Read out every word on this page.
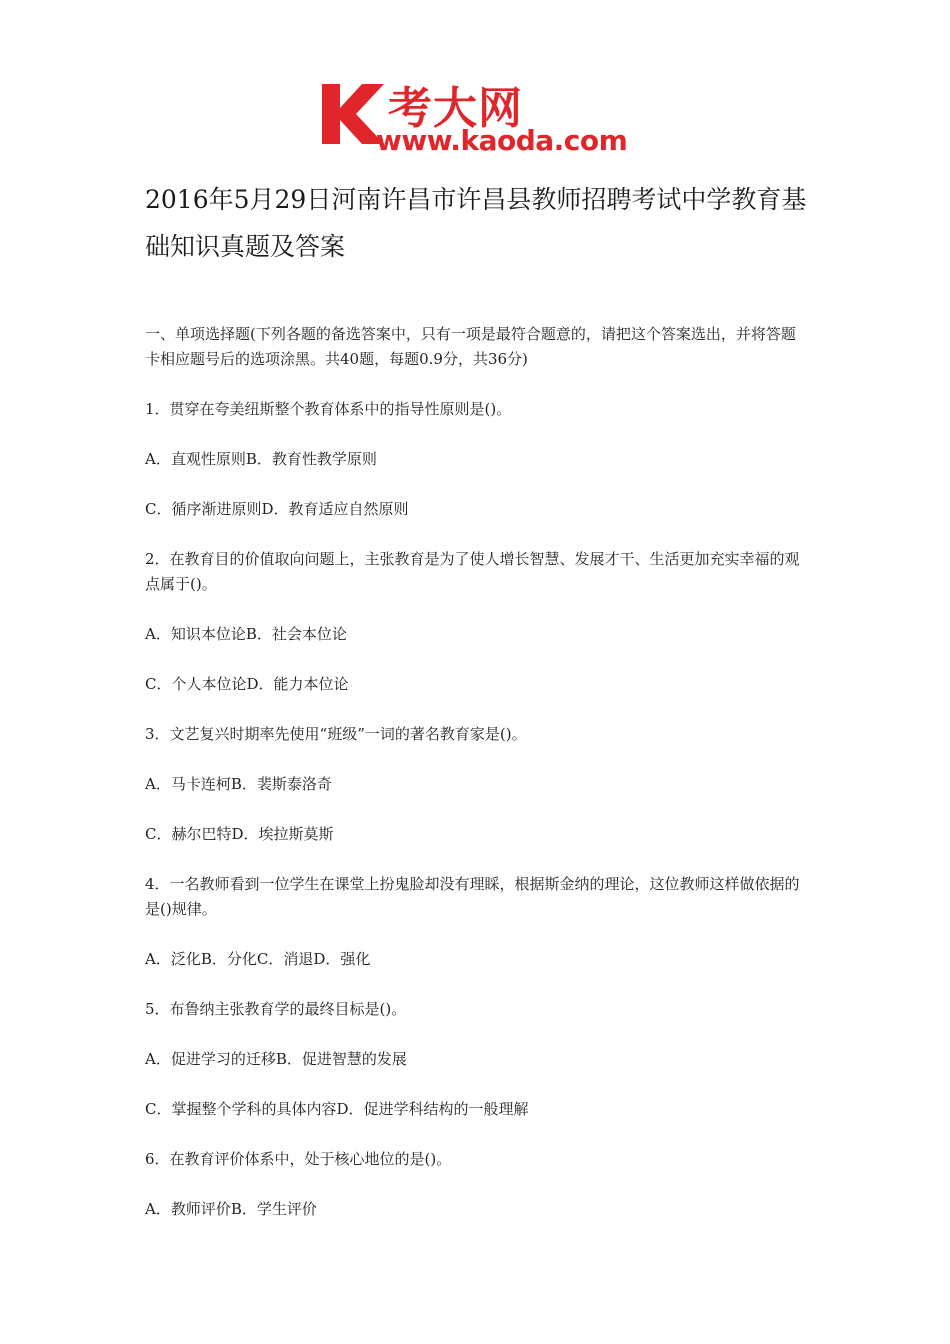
考大网
www.kaoda.com
2016年5月29日河南许昌市许昌县教师招聘考试中学教育基础知识真题及答案

一、单项选择题(下列各题的备选答案中，只有一项是最符合题意的，请把这个答案选出，并将答题卡相应题号后的选项涂黑。共40题，每题0.9分，共36分)

1．贯穿在夸美纽斯整个教育体系中的指导性原则是()。

A．直观性原则B．教育性教学原则

C．循序渐进原则D．教育适应自然原则

2．在教育目的价值取向问题上，主张教育是为了使人增长智慧、发展才干、生活更加充实幸福的观点属于()。

A．知识本位论B．社会本位论

C．个人本位论D．能力本位论

3．文艺复兴时期率先使用“班级”一词的著名教育家是()。

A．马卡连柯B．裴斯泰洛奇

C．赫尔巴特D．埃拉斯莫斯

4．一名教师看到一位学生在课堂上扮鬼脸却没有理睬，根据斯金纳的理论，这位教师这样做依据的是()规律。

A．泛化B．分化C．消退D．强化

5．布鲁纳主张教育学的最终目标是()。

A．促进学习的迁移B．促进智慧的发展

C．掌握整个学科的具体内容D．促进学科结构的一般理解

6．在教育评价体系中，处于核心地位的是()。

A．教师评价B．学生评价
